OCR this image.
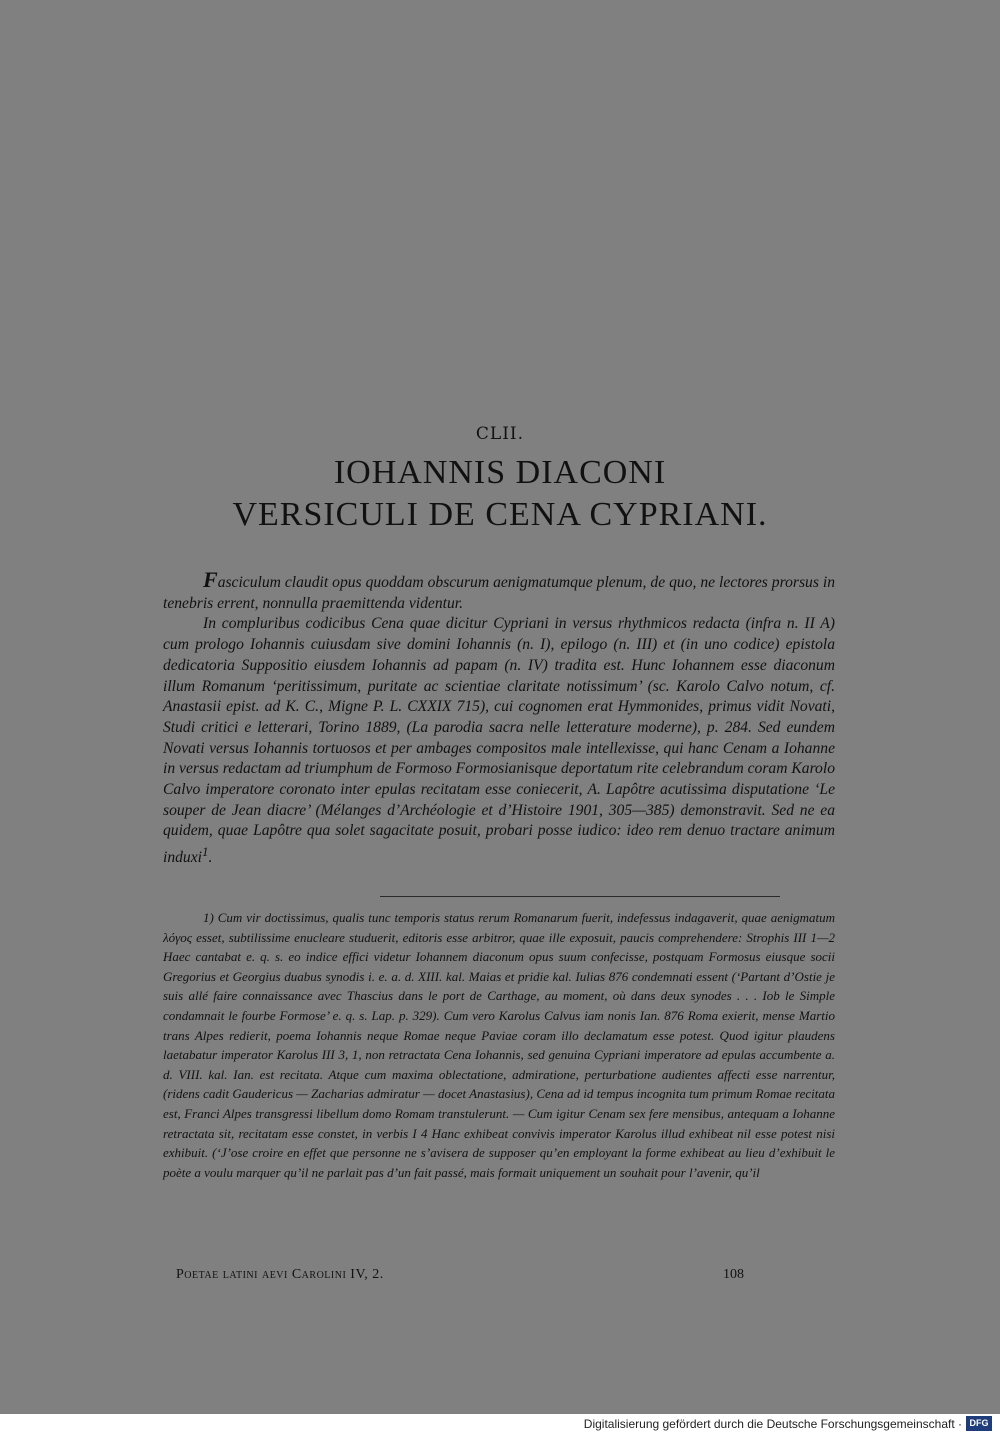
CLII.
IOHANNIS DIACONI
VERSICULI DE CENA CYPRIANI.

Fasciculum claudit opus quoddam obscurum aenigmatumque plenum, de quo, ne lectores prorsus in tenebris errent, nonnulla praemittenda videntur.

In compluribus codicibus Cena quae dicitur Cypriani in versus rhythmicos redacta (infra n. II A) cum prologo Iohannis cuiusdam sive domini Iohannis (n. I), epilogo (n. III) et (in uno codice) epistola dedicatoria Suppositio eiusdem Iohannis ad papam (n. IV) tradita est. Hunc Iohannem esse diaconum illum Romanum ‘peritissimum, puritate ac scientiae claritate notissimum’ (sc. Karolo Calvo notum, cf. Anastasii epist. ad K. C., Migne P. L. CXXIX 715), cui cognomen erat Hymmonides, primus vidit Novati, Studi critici e letterari, Torino 1889, (La parodia sacra nelle letterature moderne), p. 284. Sed eundem Novati versus Iohannis tortuosos et per ambages compositos male intellexisse, qui hanc Cenam a Iohanne in versus redactam ad triumphum de Formoso Formosianisque deportatum rite celebrandum coram Karolo Calvo imperatore coronato inter epulas recitatam esse coniecerit, A. Lapôtre acutissima disputatione ‘Le souper de Jean diacre’ (Mélanges d’Archéologie et d’Histoire 1901, 305—385) demonstravit. Sed ne ea quidem, quae Lapôtre qua solet sagacitate posuit, probari posse iudico: ideo rem denuo tractare animum induxi$^1$.

1) Cum vir doctissimus, qualis tunc temporis status rerum Romanarum fuerit, indefessus indagaverit, quae aenigmatum λόγος esset, subtilissime enucleare studuerit, editoris esse arbitror, quae ille exposuit, paucis comprehendere: Strophis III 1—2 Haec cantabat e. q. s. eo indice effici videtur Iohannem diaconum opus suum confecisse, postquam Formosus eiusque socii Gregorius et Georgius duabus synodis i. e. a. d. XIII. kal. Maias et pridie kal. Iulias 876 condemnati essent (‘Partant d’Ostie je suis allé faire connaissance avec Thascius dans le port de Carthage, au moment, où dans deux synodes . . . Iob le Simple condamnait le fourbe Formose’ e. q. s. Lap. p. 329). Cum vero Karolus Calvus iam nonis Ian. 876 Roma exierit, mense Martio trans Alpes redierit, poema Iohannis neque Romae neque Paviae coram illo declamatum esse potest. Quod igitur plaudens laetabatur imperator Karolus III 3, 1, non retractata Cena Iohannis, sed genuina Cypriani imperatore ad epulas accumbente a. d. VIII. kal. Ian. est recitata. Atque cum maxima oblectatione, admiratione, perturbatione audientes affecti esse narrentur, (ridens cadit Gaudericus — Zacharias admiratur — docet Anastasius), Cena ad id tempus incognita tum primum Romae recitata est, Franci Alpes transgressi libellum domo Romam transtulerunt. — Cum igitur Cenam sex fere mensibus, antequam a Iohanne retractata sit, recitatam esse constet, in verbis I 4 Hanc exhibeat convivis imperator Karolus illud exhibeat nil esse potest nisi exhibuit. (‘J’ose croire en effet que personne ne s’avisera de supposer qu’en employant la forme exhibeat au lieu d’exhibuit le poète a voulu marquer qu’il ne parlait pas d’un fait passé, mais formait uniquement un souhait pour l’avenir, qu’il
Poetae latini aevi Carolini IV, 2.	108
Digitalisierung gefördert durch die Deutsche Forschungsgemeinschaft · DFG
